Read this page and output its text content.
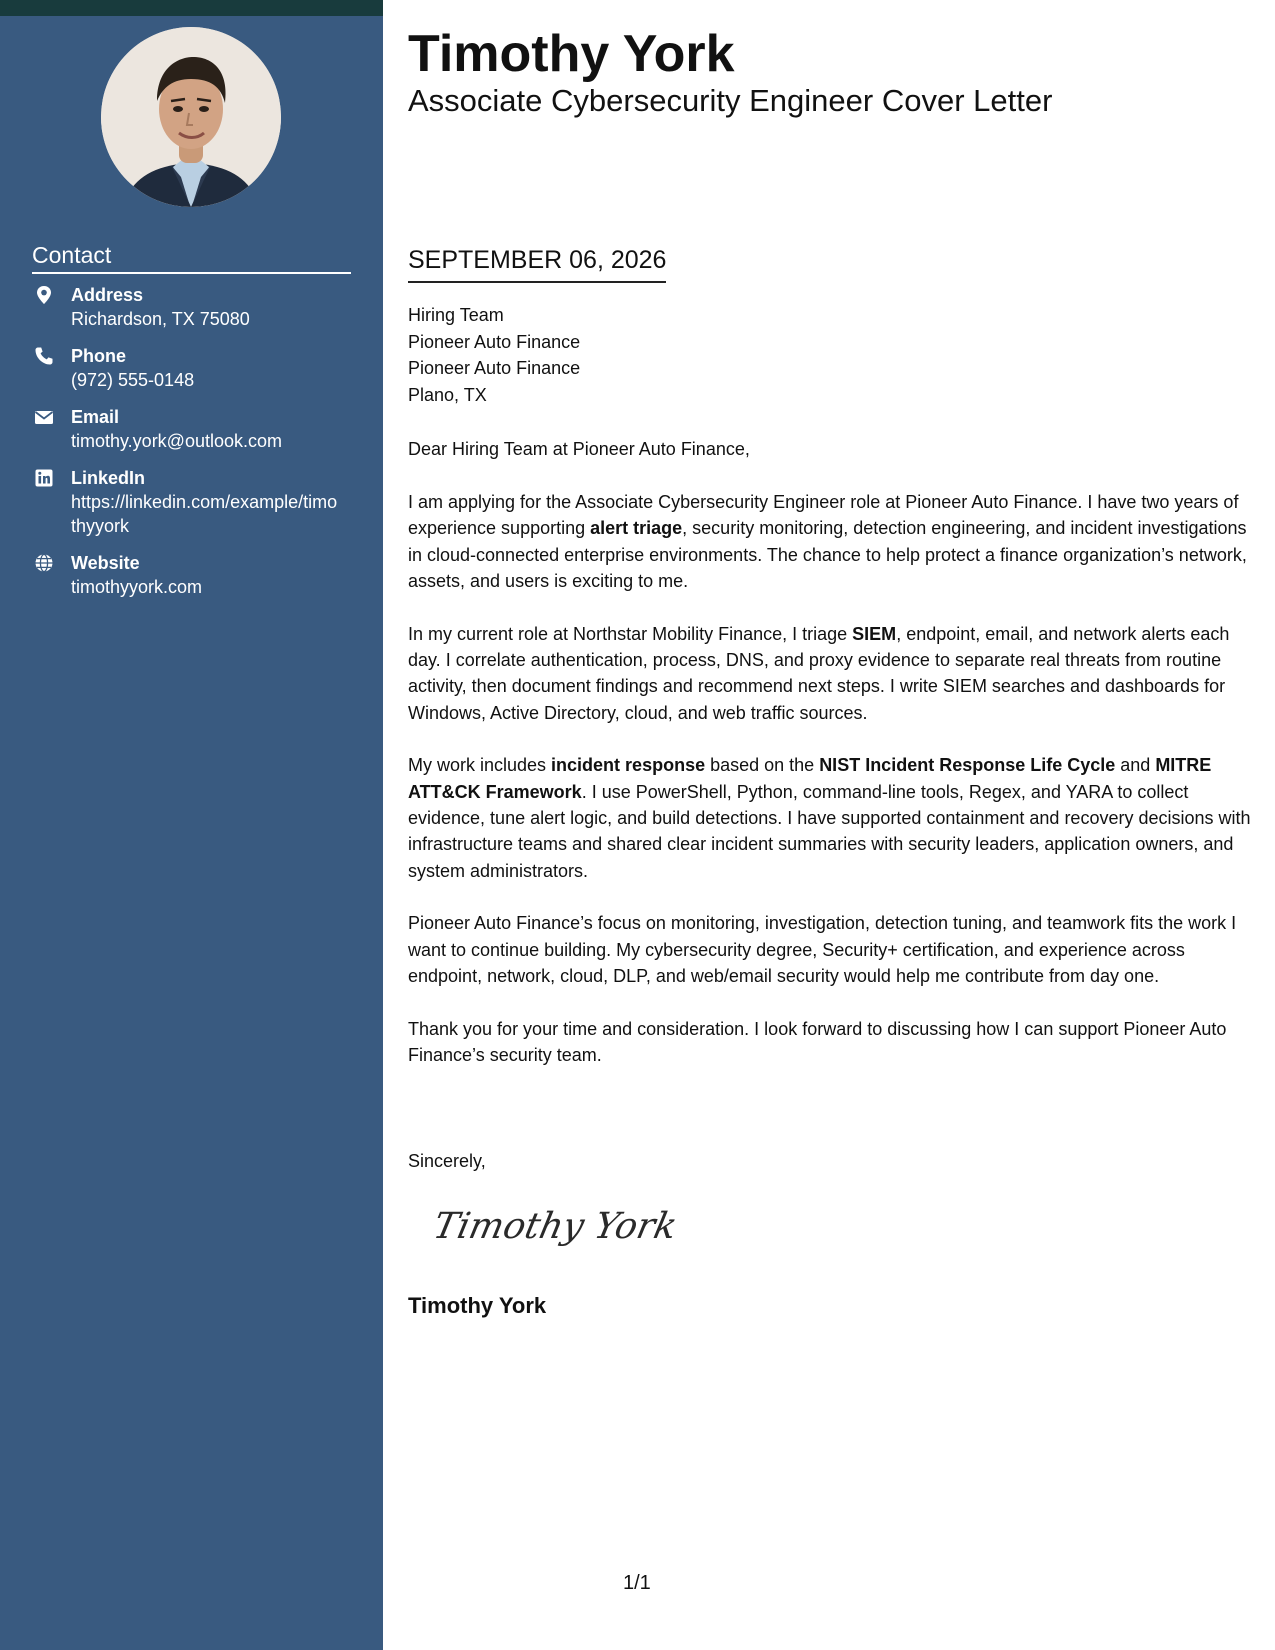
Contact
Address
Richardson, TX 75080
Phone
(972) 555-0148
Email
timothy.york@outlook.com
LinkedIn
https://linkedin.com/example/timothyyork
Website
timothyyork.com
Timothy York
Associate Cybersecurity Engineer Cover Letter
SEPTEMBER 06, 2026
Hiring Team
Pioneer Auto Finance
Pioneer Auto Finance
Plano, TX
Dear Hiring Team at Pioneer Auto Finance,

I am applying for the Associate Cybersecurity Engineer role at Pioneer Auto Finance. I have two years of experience supporting alert triage, security monitoring, detection engineering, and incident investigations in cloud-connected enterprise environments. The chance to help protect a finance organization’s network, assets, and users is exciting to me.

In my current role at Northstar Mobility Finance, I triage SIEM, endpoint, email, and network alerts each day. I correlate authentication, process, DNS, and proxy evidence to separate real threats from routine activity, then document findings and recommend next steps. I write SIEM searches and dashboards for Windows, Active Directory, cloud, and web traffic sources.

My work includes incident response based on the NIST Incident Response Life Cycle and MITRE ATT&CK Framework. I use PowerShell, Python, command-line tools, Regex, and YARA to collect evidence, tune alert logic, and build detections. I have supported containment and recovery decisions with infrastructure teams and shared clear incident summaries with security leaders, application owners, and system administrators.

Pioneer Auto Finance’s focus on monitoring, investigation, detection tuning, and teamwork fits the work I want to continue building. My cybersecurity degree, Security+ certification, and experience across endpoint, network, cloud, DLP, and web/email security would help me contribute from day one.

Thank you for your time and consideration. I look forward to discussing how I can support Pioneer Auto Finance’s security team.

Sincerely,
Timothy York
Timothy York
1/1
